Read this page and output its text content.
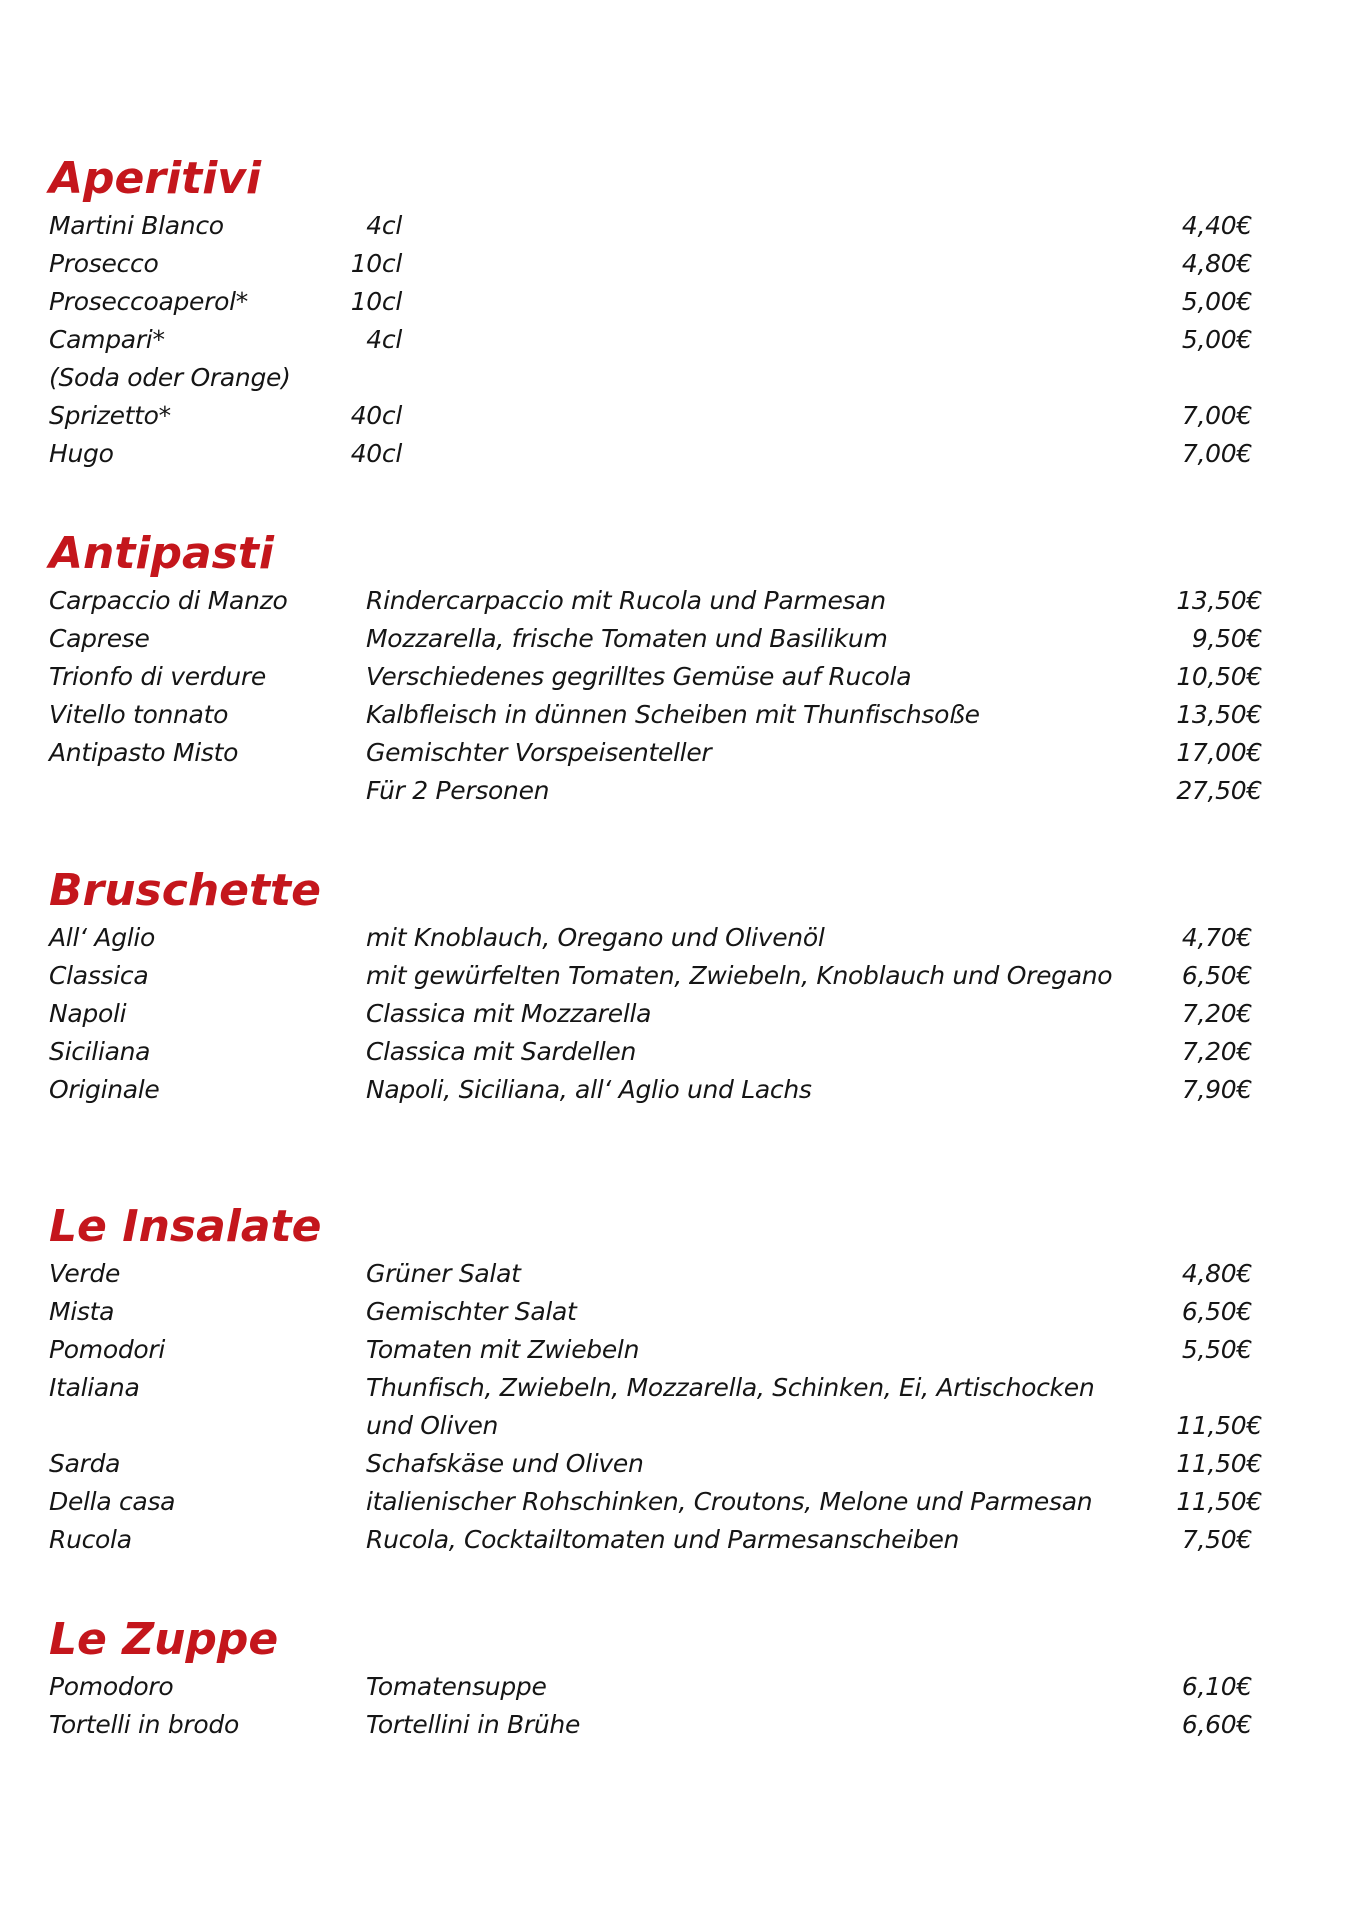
Aperitivi
Martini Blanco	4cl	4,40€
Prosecco	10cl	4,80€
Proseccoaperol*	10cl	5,00€
Campari*	4cl	5,00€
(Soda oder Orange)
Sprizetto*	40cl	7,00€
Hugo	40cl	7,00€
Antipasti
Carpaccio di Manzo	Rindercarpaccio mit Rucola und Parmesan	13,50€
Caprese	Mozzarella, frische Tomaten und Basilikum	9,50€
Trionfo di verdure	Verschiedenes gegrilltes Gemüse auf Rucola	10,50€
Vitello tonnato	Kalbfleisch in dünnen Scheiben mit Thunfischsoße	13,50€
Antipasto Misto	Gemischter Vorspeisenteller	17,00€
Für 2 Personen	27,50€
Bruschette
All‘ Aglio	mit Knoblauch, Oregano und Olivenöl	4,70€
Classica	mit gewürfelten Tomaten, Zwiebeln, Knoblauch und Oregano	6,50€
Napoli	Classica mit Mozzarella	7,20€
Siciliana	Classica mit Sardellen	7,20€
Originale	Napoli, Siciliana, all‘ Aglio und Lachs	7,90€
Le Insalate
Verde	Grüner Salat	4,80€
Mista	Gemischter Salat	6,50€
Pomodori	Tomaten mit Zwiebeln	5,50€
Italiana	Thunfisch, Zwiebeln, Mozzarella, Schinken, Ei, Artischocken
und Oliven	11,50€
Sarda	Schafskäse und Oliven	11,50€
Della casa	italienischer Rohschinken, Croutons, Melone und Parmesan	11,50€
Rucola	Rucola, Cocktailtomaten und Parmesanscheiben	7,50€
Le Zuppe
Pomodoro	Tomatensuppe	6,10€
Tortelli in brodo	Tortellini in Brühe	6,60€
